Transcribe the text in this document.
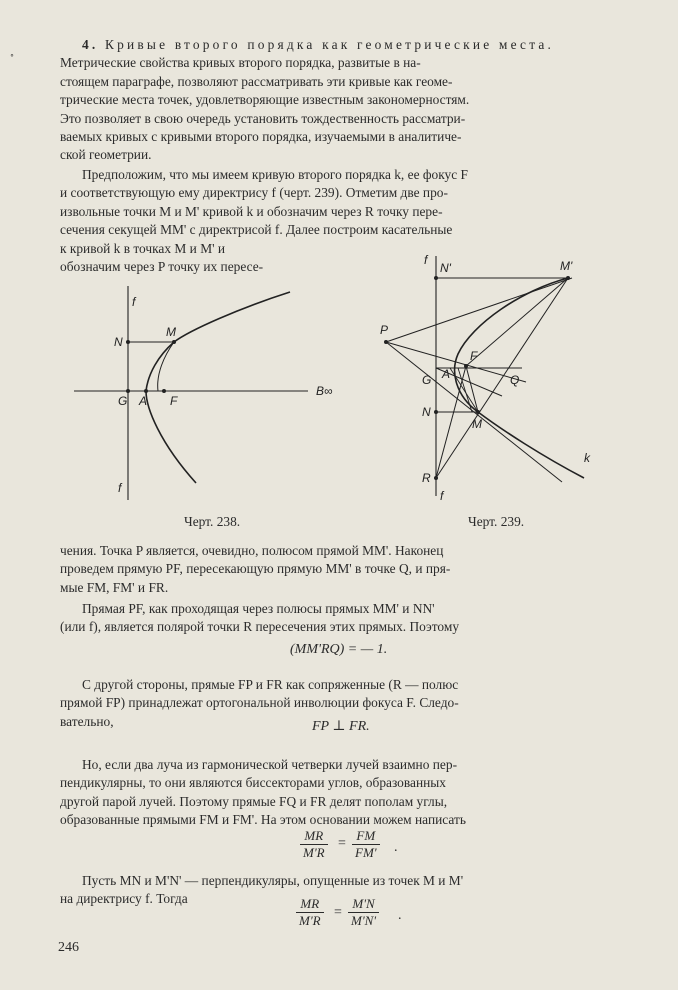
˳	4. Кривые второго порядка как геометрические места.
Метрические свойства кривых второго порядка, развитые в на-
стоящем параграфе, позволяют рассматривать эти кривые как геоме-
трические места точек, удовлетворяющие известным закономерностям.
Это позволяет в свою очередь установить тождественность рассматри-
ваемых кривых с кривыми второго порядка, изучаемыми в аналитиче-
ской геометрии.
Предположим, что мы имеем кривую второго порядка k, ее фокус F
и соответствующую ему директрису f (черт. 239). Отметим две про-
извольные точки M и M' кривой k и обозначим через R точку пере-
сечения секущей MM' с директрисой f. Далее построим касательные
к кривой k в точках M и M' и
обозначим через P точку их пересе-
f
f
N
M
G A F
B∞
f
f
N'	M'
P
F
G A	Q
N
M
R
k
Черт. 238.	Черт. 239.
чения. Точка P является, очевидно, полюсом прямой MM'. Наконец
проведем прямую PF, пересекающую прямую MM' в точке Q, и пря-
мые FM, FM' и FR.
Прямая PF, как проходящая через полюсы прямых MM' и NN'
(или f), является полярой точки R пересечения этих прямых. Поэтому
(MM'RQ) = — 1.
С другой стороны, прямые FP и FR как сопряженные (R — полюс
прямой FP) принадлежат ортогональной инволюции фокуса F. Следо-
вательно,	FP ⊥ FR.
Но, если два луча из гармонической четверки лучей взаимно пер-
пендикулярны, то они являются биссекторами углов, образованных
другой парой лучей. Поэтому прямые FQ и FR делят пополам углы,
образованные прямыми FM и FM'. На этом основании можем написать
$\frac{MR}{M'R} = \frac{FM}{FM'}$ .
Пусть MN и M'N' — перпендикуляры, опущенные из точек M и M'
на директрису f. Тогда	$\frac{MR}{M'R} = \frac{M'N}{M'N'}$ .
246
